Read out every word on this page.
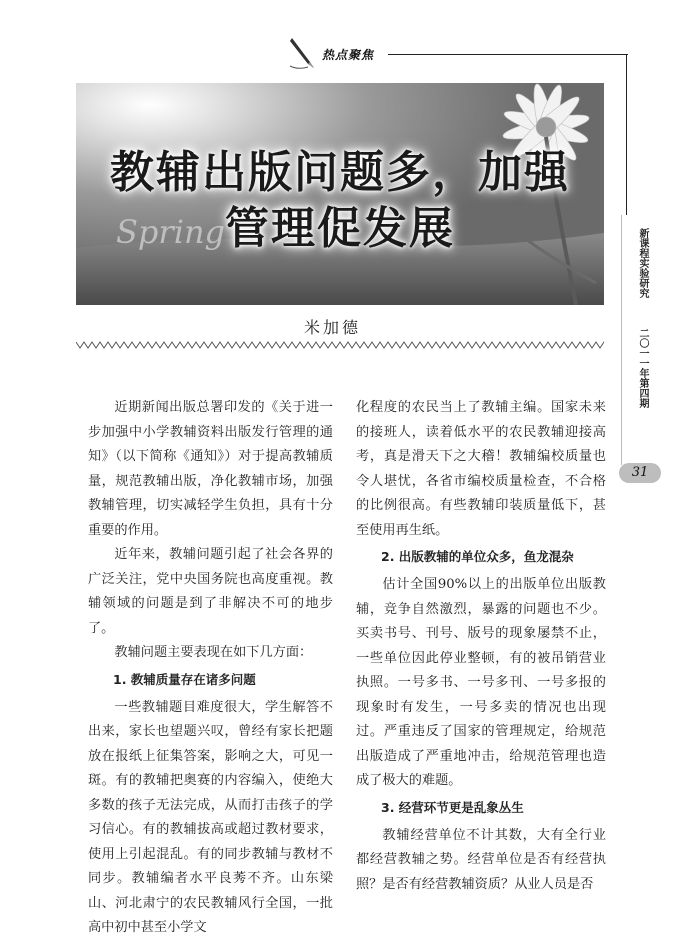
热点聚焦
Spring
教辅出版问题多，加强
管理促发展
米加德
新课程实验研究
二〇一一年第四期
31

近期新闻出版总署印发的《关于进一步加强中小学教辅资料出版发行管理的通知》（以下简称《通知》）对于提高教辅质量，规范教辅出版，净化教辅市场，加强教辅管理，切实减轻学生负担，具有十分重要的作用。

近年来，教辅问题引起了社会各界的广泛关注，党中央国务院也高度重视。教辅领域的问题是到了非解决不可的地步了。

教辅问题主要表现在如下几方面：

1. 教辅质量存在诸多问题

一些教辅题目难度很大，学生解答不出来，家长也望题兴叹，曾经有家长把题放在报纸上征集答案，影响之大，可见一斑。有的教辅把奥赛的内容编入，使绝大多数的孩子无法完成，从而打击孩子的学习信心。有的教辅拔高或超过教材要求，使用上引起混乱。有的同步教辅与教材不同步。教辅编者水平良莠不齐。山东梁山、河北肃宁的农民教辅风行全国，一批高中初中甚至小学文

化程度的农民当上了教辅主编。国家未来的接班人，读着低水平的农民教辅迎接高考，真是滑天下之大稽！教辅编校质量也令人堪忧，各省市编校质量检查，不合格的比例很高。有些教辅印装质量低下，甚至使用再生纸。

2. 出版教辅的单位众多，鱼龙混杂

估计全国90%以上的出版单位出版教辅，竞争自然激烈，暴露的问题也不少。买卖书号、刊号、版号的现象屡禁不止，一些单位因此停业整顿，有的被吊销营业执照。一号多书、一号多刊、一号多报的现象时有发生，一号多卖的情况也出现过。严重违反了国家的管理规定，给规范出版造成了严重地冲击，给规范管理也造成了极大的难题。

3. 经营环节更是乱象丛生

教辅经营单位不计其数，大有全行业都经营教辅之势。经营单位是否有经营执照？是否有经营教辅资质？从业人员是否
